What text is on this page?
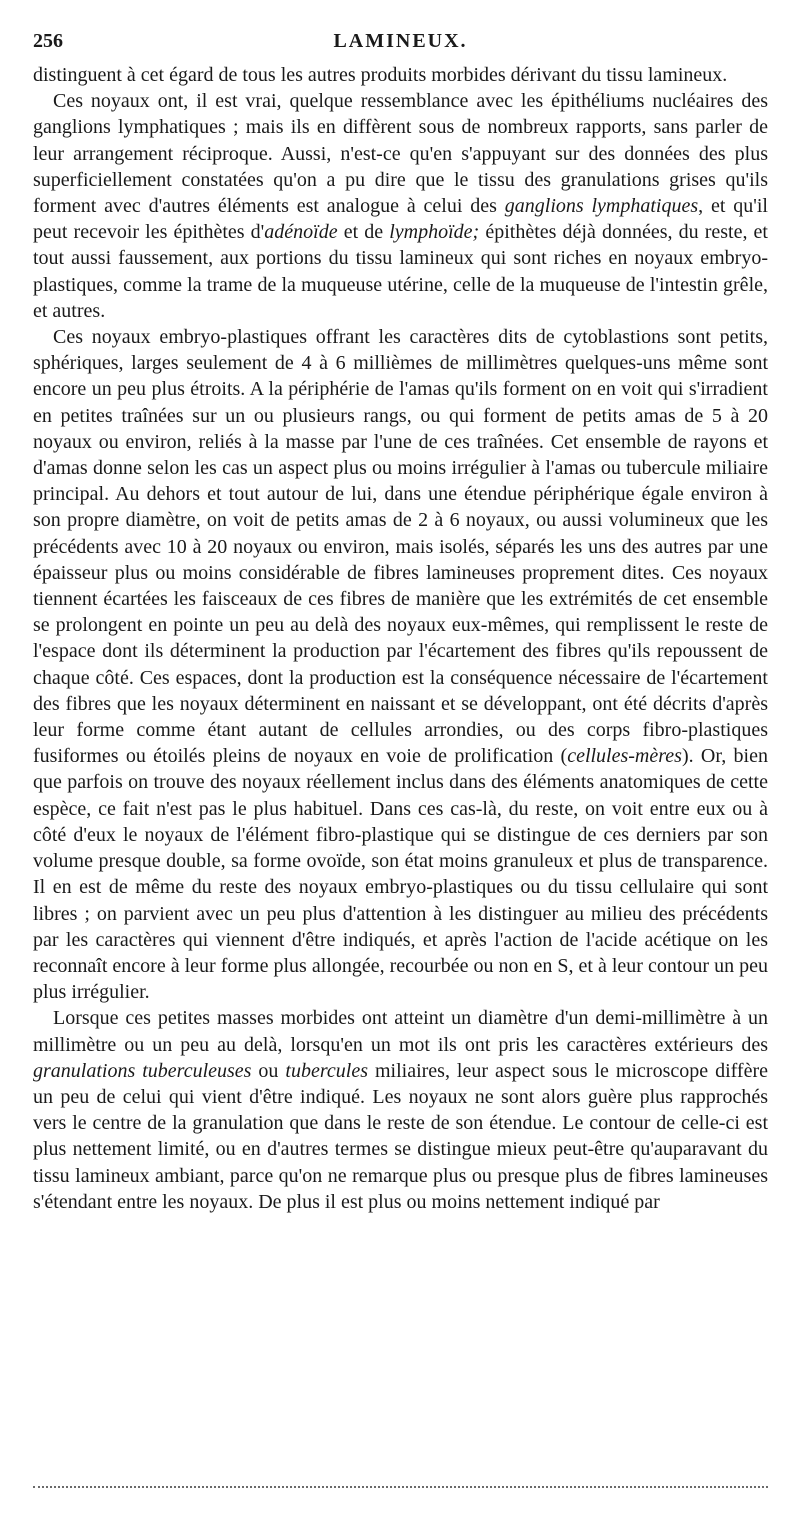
256	LAMINEUX.

distinguent à cet égard de tous les autres produits morbides dérivant du tissu lamineux.

Ces noyaux ont, il est vrai, quelque ressemblance avec les épithéliums nucléaires des ganglions lymphatiques ; mais ils en diffèrent sous de nombreux rapports, sans parler de leur arrangement réciproque. Aussi, n'est-ce qu'en s'appuyant sur des données des plus superficiellement constatées qu'on a pu dire que le tissu des granulations grises qu'ils forment avec d'autres éléments est analogue à celui des ganglions lymphatiques, et qu'il peut recevoir les épithètes d'adénoïde et de lymphoïde; épithètes déjà données, du reste, et tout aussi faussement, aux portions du tissu lamineux qui sont riches en noyaux embryo-plastiques, comme la trame de la muqueuse utérine, celle de la muqueuse de l'intestin grêle, et autres.

Ces noyaux embryo-plastiques offrant les caractères dits de cytoblastions sont petits, sphériques, larges seulement de 4 à 6 millièmes de millimètres quelques-uns même sont encore un peu plus étroits. A la périphérie de l'amas qu'ils forment on en voit qui s'irradient en petites traînées sur un ou plusieurs rangs, ou qui forment de petits amas de 5 à 20 noyaux ou environ, reliés à la masse par l'une de ces traînées. Cet ensemble de rayons et d'amas donne selon les cas un aspect plus ou moins irrégulier à l'amas ou tubercule miliaire principal. Au dehors et tout autour de lui, dans une étendue périphérique égale environ à son propre diamètre, on voit de petits amas de 2 à 6 noyaux, ou aussi volumineux que les précédents avec 10 à 20 noyaux ou environ, mais isolés, séparés les uns des autres par une épaisseur plus ou moins considérable de fibres lamineuses proprement dites. Ces noyaux tiennent écartées les faisceaux de ces fibres de manière que les extrémités de cet ensemble se prolongent en pointe un peu au delà des noyaux eux-mêmes, qui remplissent le reste de l'espace dont ils déterminent la production par l'écartement des fibres qu'ils repoussent de chaque côté. Ces espaces, dont la production est la conséquence nécessaire de l'écartement des fibres que les noyaux déterminent en naissant et se développant, ont été décrits d'après leur forme comme étant autant de cellules arrondies, ou des corps fibro-plastiques fusiformes ou étoilés pleins de noyaux en voie de prolification (cellules-mères). Or, bien que parfois on trouve des noyaux réellement inclus dans des éléments anatomiques de cette espèce, ce fait n'est pas le plus habituel. Dans ces cas-là, du reste, on voit entre eux ou à côté d'eux le noyaux de l'élément fibro-plastique qui se distingue de ces derniers par son volume presque double, sa forme ovoïde, son état moins granuleux et plus de transparence. Il en est de même du reste des noyaux embryo-plastiques ou du tissu cellulaire qui sont libres ; on parvient avec un peu plus d'attention à les distinguer au milieu des précédents par les caractères qui viennent d'être indiqués, et après l'action de l'acide acétique on les reconnaît encore à leur forme plus allongée, recourbée ou non en S, et à leur contour un peu plus irrégulier.

Lorsque ces petites masses morbides ont atteint un diamètre d'un demi-millimètre à un millimètre ou un peu au delà, lorsqu'en un mot ils ont pris les caractères extérieurs des granulations tuberculeuses ou tubercules miliaires, leur aspect sous le microscope diffère un peu de celui qui vient d'être indiqué. Les noyaux ne sont alors guère plus rapprochés vers le centre de la granulation que dans le reste de son étendue. Le contour de celle-ci est plus nettement limité, ou en d'autres termes se distingue mieux peut-être qu'auparavant du tissu lamineux ambiant, parce qu'on ne remarque plus ou presque plus de fibres lamineuses s'étendant entre les noyaux. De plus il est plus ou moins nettement indiqué par
